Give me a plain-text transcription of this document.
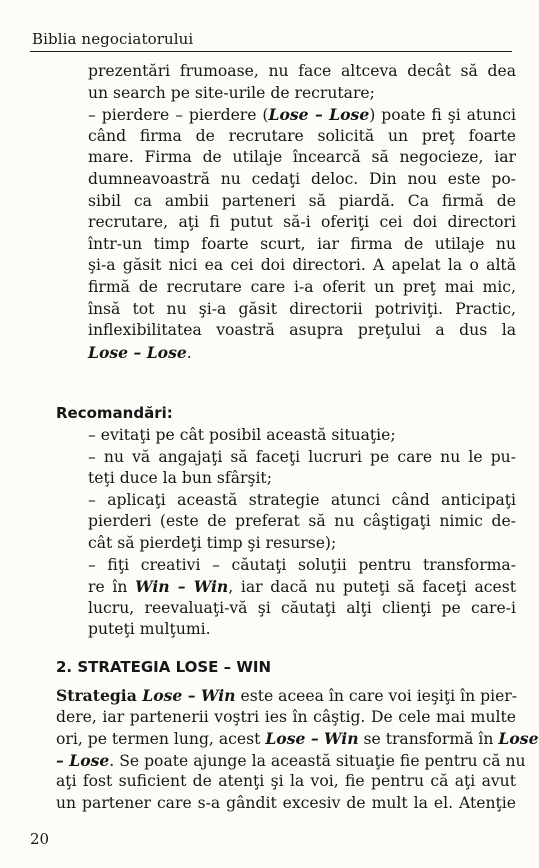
Biblia negociatorului
prezentări frumoase, nu face altceva decât să dea
un search pe site-urile de recrutare;
– pierdere – pierdere (Lose – Lose) poate fi şi atunci
când firma de recrutare solicită un preţ foarte
mare. Firma de utilaje încearcă să negocieze, iar
dumneavoastră nu cedaţi deloc. Din nou este po-
sibil ca ambii parteneri să piardă. Ca firmă de
recrutare, aţi fi putut să-i oferiţi cei doi directori
într-un timp foarte scurt, iar firma de utilaje nu
şi-a găsit nici ea cei doi directori. A apelat la o altă
firmă de recrutare care i-a oferit un preţ mai mic,
însă tot nu şi-a găsit directorii potriviţi. Practic,
inflexibilitatea voastră asupra preţului a dus la
Lose – Lose.
Recomandări:
– evitaţi pe cât posibil această situaţie;
– nu vă angajaţi să faceţi lucruri pe care nu le pu-
teţi duce la bun sfârşit;
– aplicaţi această strategie atunci când anticipaţi
pierderi (este de preferat să nu câştigaţi nimic de-
cât să pierdeţi timp şi resurse);
– fiţi creativi – căutaţi soluţii pentru transforma-
re în Win – Win, iar dacă nu puteţi să faceţi acest
lucru, reevaluaţi-vă şi căutaţi alţi clienţi pe care-i
puteţi mulţumi.
2. STRATEGIA LOSE – WIN
Strategia Lose – Win este aceea în care voi ieşiţi în pier-
dere, iar partenerii voştri ies în câştig. De cele mai multe
ori, pe termen lung, acest Lose – Win se transformă în Lose
– Lose. Se poate ajunge la această situaţie fie pentru că nu
aţi fost suficient de atenţi şi la voi, fie pentru că aţi avut
un partener care s-a gândit excesiv de mult la el. Atenţie
20
